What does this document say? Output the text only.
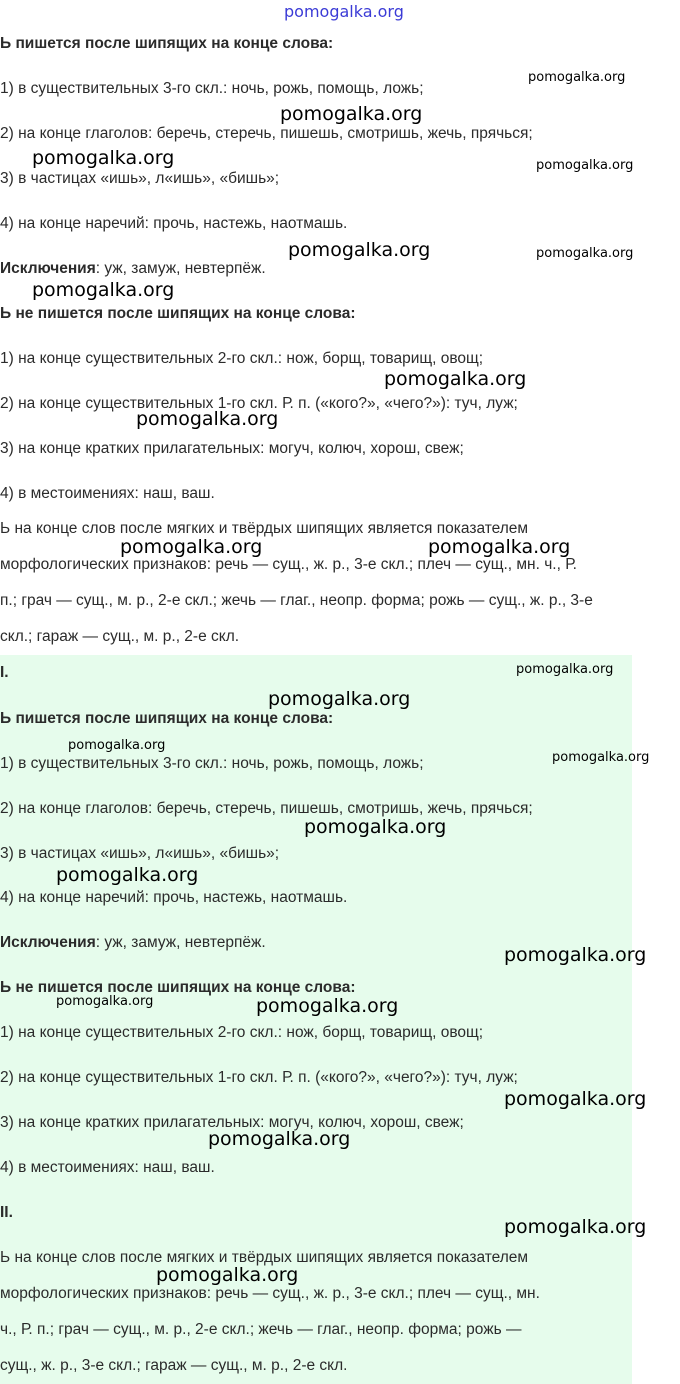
Ь пишется после шипящих на конце слова:
1) в существительных 3-го скл.: ночь, рожь, помощь, ложь;
2) на конце глаголов: беречь, стеречь, пишешь, смотришь, жечь, прячься;
3) в частицах «ишь», л«ишь», «бишь»;
4) на конце наречий: прочь, настежь, наотмашь.
Исключения: уж, замуж, невтерпёж.
Ь не пишется после шипящих на конце слова:
1) на конце существительных 2-го скл.: нож, борщ, товарищ, овощ;
2) на конце существительных 1-го скл. Р. п. («кого?», «чего?»): туч, луж;
3) на конце кратких прилагательных: могуч, колюч, хорош, свеж;
4) в местоимениях: наш, ваш.
Ь на конце слов после мягких и твёрдых шипящих является показателем
морфологических признаков: речь — сущ., ж. р., 3-е скл.; плеч — сущ., мн. ч., Р.
п.; грач — сущ., м. р., 2-е скл.; жечь — глаг., неопр. форма; рожь — сущ., ж. р., 3-е
скл.; гараж — сущ., м. р., 2-е скл.
I.
Ь пишется после шипящих на конце слова:
1) в существительных 3-го скл.: ночь, рожь, помощь, ложь;
2) на конце глаголов: беречь, стеречь, пишешь, смотришь, жечь, прячься;
3) в частицах «ишь», л«ишь», «бишь»;
4) на конце наречий: прочь, настежь, наотмашь.
Исключения: уж, замуж, невтерпёж.
Ь не пишется после шипящих на конце слова:
1) на конце существительных 2-го скл.: нож, борщ, товарищ, овощ;
2) на конце существительных 1-го скл. Р. п. («кого?», «чего?»): туч, луж;
3) на конце кратких прилагательных: могуч, колюч, хорош, свеж;
4) в местоимениях: наш, ваш.
II.
Ь на конце слов после мягких и твёрдых шипящих является показателем
морфологических признаков: речь — сущ., ж. р., 3-е скл.; плеч — сущ., мн.
ч., Р. п.; грач — сущ., м. р., 2-е скл.; жечь — глаг., неопр. форма; рожь —
сущ., ж. р., 3-е скл.; гараж — сущ., м. р., 2-е скл.
pomogalka.org
pomogalka.org
pomogalka.org
pomogalka.org	pomogalka.org
pomogalka.org	pomogalka.org
pomogalka.org
pomogalka.org
pomogalka.org
pomogalka.org	pomogalka.org
pomogalka.org
pomogalka.org
pomogalka.org
pomogalka.org
pomogalka.org
pomogalka.org
pomogalka.org
pomogalka.org	pomogalka.org
pomogalka.org
pomogalka.org
pomogalka.org
pomogalka.org
